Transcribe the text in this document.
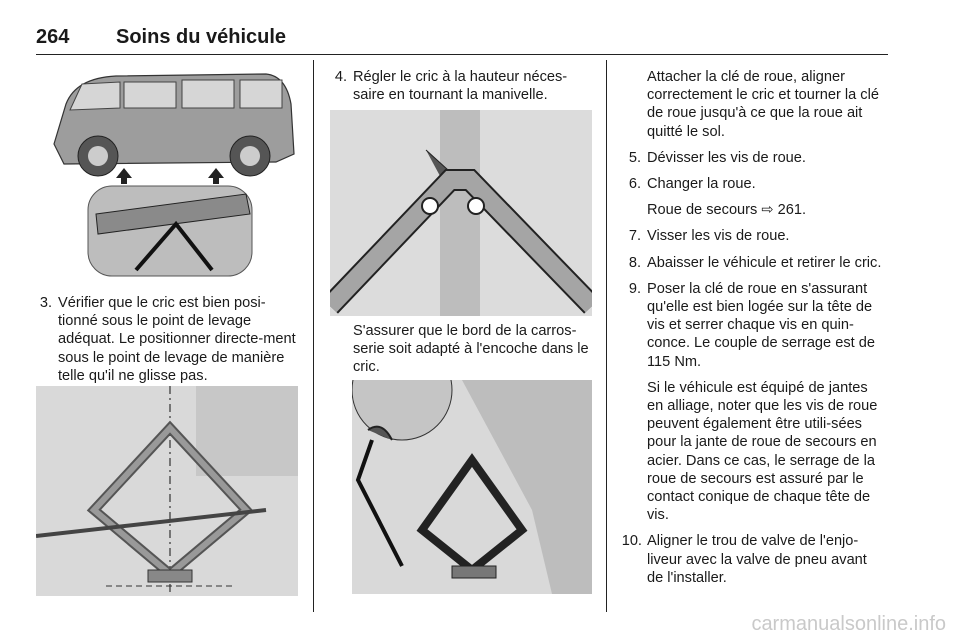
264 Soins du véhicule
3. Vérifier que le cric est bien posi-tionné sous le point de levage adéquat. Le positionner directe-ment sous le point de levage de manière telle qu'il ne glisse pas.
4. Régler le cric à la hauteur néces-saire en tournant la manivelle.
S'assurer que le bord de la carros-serie soit adapté à l'encoche dans le cric.
Attacher la clé de roue, aligner correctement le cric et tourner la clé de roue jusqu'à ce que la roue ait quitté le sol.
5. Dévisser les vis de roue.
6. Changer la roue.
Roue de secours ⇨ 261.
7. Visser les vis de roue.
8. Abaisser le véhicule et retirer le cric.
9. Poser la clé de roue en s'assurant qu'elle est bien logée sur la tête de vis et serrer chaque vis en quin-conce. Le couple de serrage est de 115 Nm.
Si le véhicule est équipé de jantes en alliage, noter que les vis de roue peuvent également être utili-sées pour la jante de roue de secours en acier. Dans ce cas, le serrage de la roue de secours est assuré par le contact conique de chaque tête de vis.
10. Aligner le trou de valve de l'enjo-liveur avec la valve de pneu avant de l'installer.
carmanualsonline.info
